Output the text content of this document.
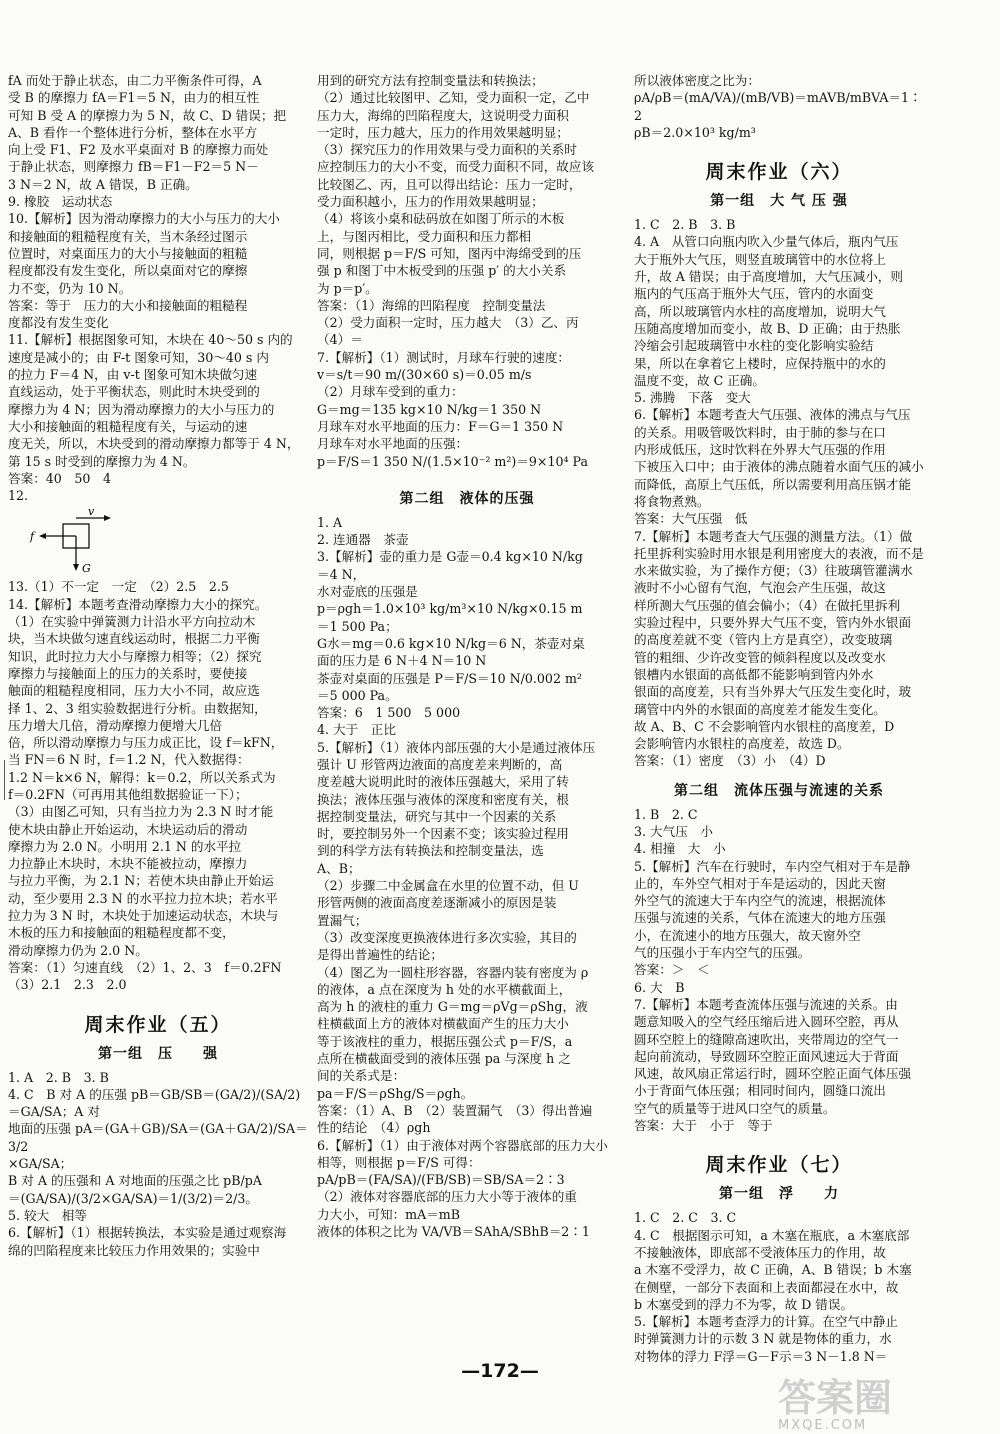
fA 而处于静止状态，由二力平衡条件可得，A
受 B 的摩擦力 fA＝F1＝5 N，由力的相互性
可知 B 受 A 的摩擦力为 5 N，故 C、D 错误；把
A、B 看作一个整体进行分析，整体在水平方
向上受 F1、F2 及水平桌面对 B 的摩擦力而处
于静止状态，则摩擦力 fB＝F1－F2＝5 N－
3 N＝2 N，故 A 错误，B 正确。
9. 橡胶　运动状态
10.【解析】因为滑动摩擦力的大小与压力的大小
和接触面的粗糙程度有关，当木条经过图示
位置时，对桌面压力的大小与接触面的粗糙
程度都没有发生变化，所以桌面对它的摩擦
力不变，仍为 10 N。
答案：等于　压力的大小和接触面的粗糙程
度都没有发生变化
11.【解析】根据图象可知，木块在 40～50 s 内的
速度是减小的；由 F-t 图象可知，30～40 s 内
的拉力 F＝4 N，由 v-t 图象可知木块做匀速
直线运动，处于平衡状态，则此时木块受到的
摩擦力为 4 N；因为滑动摩擦力的大小与压力的
大小和接触面的粗糙程度有关，与运动的速
度无关，所以，木块受到的滑动摩擦力都等于 4 N，
第 15 s 时受到的摩擦力为 4 N。
答案：40　50　4
12.
v
f
G
13.（1）不一定　一定　（2）2.5　2.5
14.【解析】本题考查滑动摩擦力大小的探究。
（1）在实验中弹簧测力计沿水平方向拉动木
块，当木块做匀速直线运动时，根据二力平衡
知识，此时拉力大小与摩擦力相等；（2）探究
摩擦力与接触面上的压力的关系时，要使接
触面的粗糙程度相同，压力大小不同，故应选
择 1、2、3 组实验数据进行分析。由数据知，
压力增大几倍，滑动摩擦力便增大几倍
倍，所以滑动摩擦力与压力成正比，设 f＝kFN，
当 FN＝6 N 时，f＝1.2 N，代入数据得：
1.2 N＝k×6 N，解得：k＝0.2，所以关系式为
f＝0.2FN（可再用其他组数据验证一下）；
（3）由图乙可知，只有当拉力为 2.3 N 时才能
使木块由静止开始运动，木块运动后的滑动
摩擦力为 2.0 N。小明用 2.1 N 的水平拉
力拉静止木块时，木块不能被拉动，摩擦力
与拉力平衡，为 2.1 N；若使木块由静止开始运
动，至少要用 2.3 N 的水平拉力拉木块；若水平
拉力为 3 N 时，木块处于加速运动状态，木块与
木板的压力和接触面的粗糙程度都不变，
滑动摩擦力仍为 2.0 N。
答案：（1）匀速直线　（2）1、2、3　f＝0.2FN
（3）2.1　2.3　2.0
周末作业（五）
第一组　压　　强
1. A　2. B　3. B
4. C　B 对 A 的压强 pB＝GB/SB＝(GA/2)/(SA/2)＝GA/SA；A 对
地面的压强 pA＝(GA＋GB)/SA＝(GA＋GA/2)/SA＝3/2
×GA/SA；
B 对 A 的压强和 A 对地面的压强之比 pB/pA
＝(GA/SA)/(3/2×GA/SA)＝1/(3/2)＝2/3。
5. 较大　相等
6.【解析】（1）根据转换法，本实验是通过观察海
绵的凹陷程度来比较压力作用效果的；实验中
用到的研究方法有控制变量法和转换法；
（2）通过比较图甲、乙知，受力面积一定，乙中
压力大，海绵的凹陷程度大，这说明受力面积
一定时，压力越大，压力的作用效果越明显；
（3）探究压力的作用效果与受力面积的关系时
应控制压力的大小不变，而受力面积不同，故应该
比较图乙、丙，且可以得出结论：压力一定时，
受力面积越小，压力的作用效果越明显；
（4）将该小桌和砝码放在如图丁所示的木板
上，与图丙相比，受力面积和压力都相
同，则根据 p＝F/S 可知，图丙中海绵受到的压
强 p 和图丁中木板受到的压强 p′ 的大小关系
为 p＝p′。
答案：（1）海绵的凹陷程度　控制变量法
（2）受力面积一定时，压力越大　（3）乙、丙
（4）＝
7.【解析】（1）测试时，月球车行驶的速度：
v＝s/t＝90 m/(30×60 s)＝0.05 m/s
（2）月球车受到的重力：
G＝mg＝135 kg×10 N/kg＝1 350 N
月球车对水平地面的压力：F＝G＝1 350 N
月球车对水平地面的压强：
p＝F/S＝1 350 N/(1.5×10⁻² m²)＝9×10⁴ Pa
第二组　液体的压强
1. A
2. 连通器　茶壶
3.【解析】壶的重力是 G壶＝0.4 kg×10 N/kg
＝4 N，
水对壶底的压强是
p＝ρgh＝1.0×10³ kg/m³×10 N/kg×0.15 m
＝1 500 Pa；
G水＝mg＝0.6 kg×10 N/kg＝6 N，茶壶对桌
面的压力是 6 N＋4 N＝10 N
茶壶对桌面的压强是 P＝F/S＝10 N/0.002 m²
＝5 000 Pa。
答案：6　1 500　5 000
4. 大于　正比
5.【解析】（1）液体内部压强的大小是通过液体压
强计 U 形管两边液面的高度差来判断的，高
度差越大说明此时的液体压强越大，采用了转
换法；液体压强与液体的深度和密度有关，根
据控制变量法，研究与其中一个因素的关系
时，要控制另外一个因素不变；该实验过程用
到的科学方法有转换法和控制变量法，选
A、B；
（2）步骤二中金属盒在水里的位置不动，但 U
形管两侧的液面高度差逐渐减小的原因是装
置漏气；
（3）改变深度更换液体进行多次实验，其目的
是得出普遍性的结论；
（4）图乙为一圆柱形容器，容器内装有密度为 ρ
的液体，a 点在深度为 h 处的水平横截面上，
高为 h 的液柱的重力 G＝mg＝ρVg＝ρShg，液
柱横截面上方的液体对横截面产生的压力大小
等于该液柱的重力，根据压强公式 p＝F/S，a
点所在横截面受到的液体压强 pa 与深度 h 之
间的关系式是：
pa＝F/S＝ρShg/S＝ρgh。
答案：（1）A、B　（2）装置漏气　（3）得出普遍
性的结论　（4）ρgh
6.【解析】（1）由于液体对两个容器底部的压力大小
相等，则根据 p＝F/S 可得：
pA/pB＝(FA/SA)/(FB/SB)＝SB/SA＝2∶3
（2）液体对容器底部的压力大小等于液体的重
力大小，可知：mA＝mB
液体的体积之比为 VA/VB＝SAhA/SBhB＝2∶1
所以液体密度之比为：
ρA/ρB＝(mA/VA)/(mB/VB)＝mAVB/mBVA＝1∶2
ρB＝2.0×10³ kg/m³
周末作业（六）
第一组　大 气 压 强
1. C　2. B　3. B
4. A　从管口向瓶内吹入少量气体后，瓶内气压
大于瓶外大气压，则竖直玻璃管中的水位将上
升，故 A 错误；由于高度增加，大气压减小，则
瓶内的气压高于瓶外大气压，管内的水面变
高，所以玻璃管内水柱的高度增加，说明大气
压随高度增加而变小，故 B、D 正确；由于热胀
冷缩会引起玻璃管中水柱的变化影响实验结
果，所以在拿着它上楼时，应保持瓶中的水的
温度不变，故 C 正确。
5. 沸腾　下落　变大
6.【解析】本题考查大气压强、液体的沸点与气压
的关系。用吸管吸饮料时，由于肺的参与在口
内形成低压，这时饮料在外界大气压强的作用
下被压入口中；由于液体的沸点随着水面气压的减小
而降低，高原上气压低，所以需要利用高压锅才能
将食物煮熟。
答案：大气压强　低
7.【解析】本题考查大气压强的测量方法。（1）做
托里拆利实验时用水银是利用密度大的表液，而不是
水来做实验，为了操作方便；（3）往玻璃管灌满水
液时不小心留有气泡，气泡会产生压强，故这
样所测大气压强的值会偏小；（4）在做托里拆利
实验过程中，只要外界大气压不变，管内外水银面
的高度差就不变（管内上方是真空），改变玻璃
管的粗细、少许改变管的倾斜程度以及改变水
银槽内水银面的高低都不能影响到管内外水
银面的高度差，只有当外界大气压发生变化时，玻
璃管中内外的水银面的高度差才能发生变化。
故 A、B、C 不会影响管内水银柱的高度差，D
会影响管内水银柱的高度差，故选 D。
答案：（1）密度　（3）小　（4）D
第二组　流体压强与流速的关系
1. B　2. C
3. 大气压　小
4. 相撞　大　小
5.【解析】汽车在行驶时，车内空气相对于车是静
止的，车外空气相对于车是运动的，因此天窗
外空气的流速大于车内空气的流速，根据流体
压强与流速的关系，气体在流速大的地方压强
小，在流速小的地方压强大，故天窗外空
气的压强小于车内空气的压强。
答案：＞　＜
6. 大　B
7.【解析】本题考查流体压强与流速的关系。由
题意知吸入的空气经压缩后进入圆环空腔，再从
圆环空腔上的缝隙高速吹出，夹带周边的空气一
起向前流动，导致圆环空腔正面风速远大于背面
风速，故风扇正常运行时，圆环空腔正面气体压强
小于背面气体压强；相同时间内，圆缝口流出
空气的质量等于进风口空气的质量。
答案：大于　小于　等于
周末作业（七）
第一组　浮　　力
1. C　2. C　3. C
4. C　根据图示可知，a 木塞在瓶底，a 木塞底部
不接触液体，即底部不受液体压力的作用，故
a 木塞不受浮力，故 C 正确，A、B 错误；b 木塞
在侧壁，一部分下表面和上表面都浸在水中，故
b 木塞受到的浮力不为零，故 D 错误。
5.【解析】本题考查浮力的计算。在空气中静止
时弹簧测力计的示数 3 N 就是物体的重力，水
对物体的浮力 F浮＝G－F示＝3 N－1.8 N＝
—172—
答案圈
MXQE.COM
